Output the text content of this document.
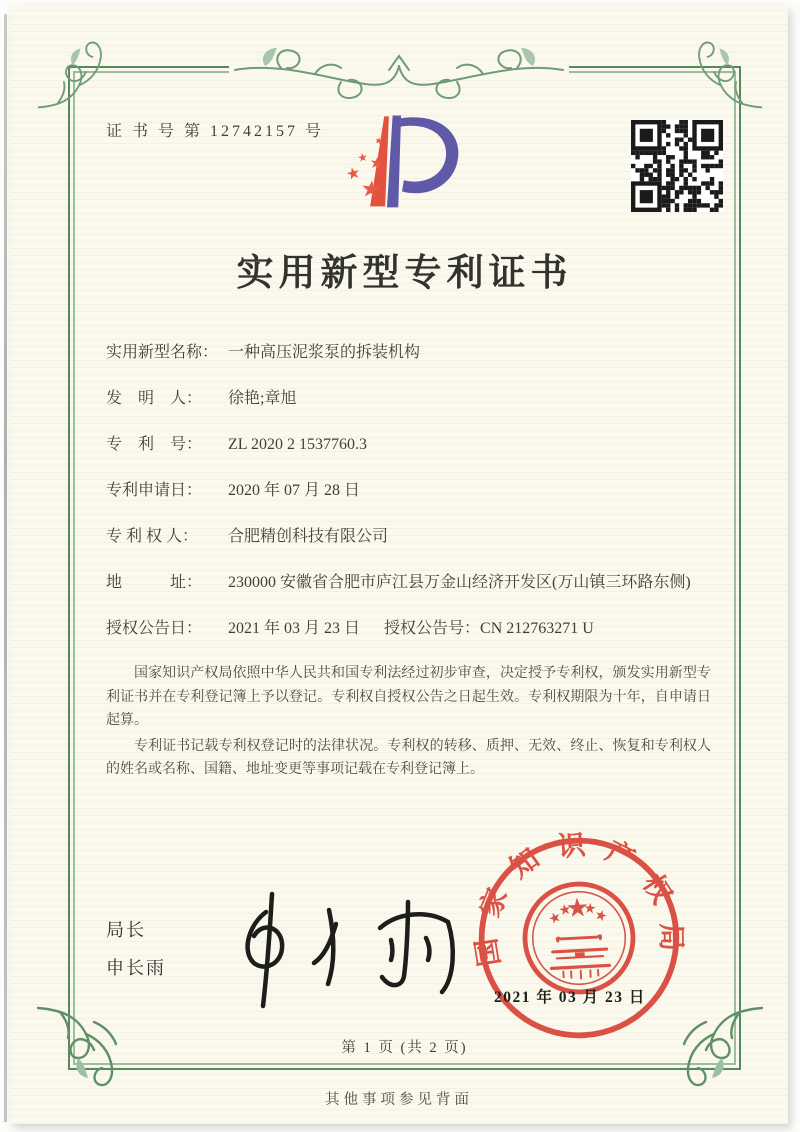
证 书 号 第 12742157 号
实用新型专利证书
实用新型名称： 一种高压泥浆泵的拆装机构
发　明　人：	徐艳;章旭
专　利　号：	ZL 2020 2 1537760.3
专利申请日：	2020 年 07 月 28 日
专 利 权 人：	合肥精创科技有限公司
地　　　址：	230000 安徽省合肥市庐江县万金山经济开发区(万山镇三环路东侧)
授权公告日：	2021 年 03 月 23 日 授权公告号： CN 212763271 U

国家知识产权局依照中华人民共和国专利法经过初步审查，决定授予专利权，颁发实用新型专利证书并在专利登记簿上予以登记。专利权自授权公告之日起生效。专利权期限为十年，自申请日起算。

专利证书记载专利权登记时的法律状况。专利权的转移、质押、无效、终止、恢复和专利权人的姓名或名称、国籍、地址变更等事项记载在专利登记簿上。

局长
申长雨	国家知识产权局
2021 年 03 月 23 日
第 1 页 (共 2 页)
其他事项参见背面
